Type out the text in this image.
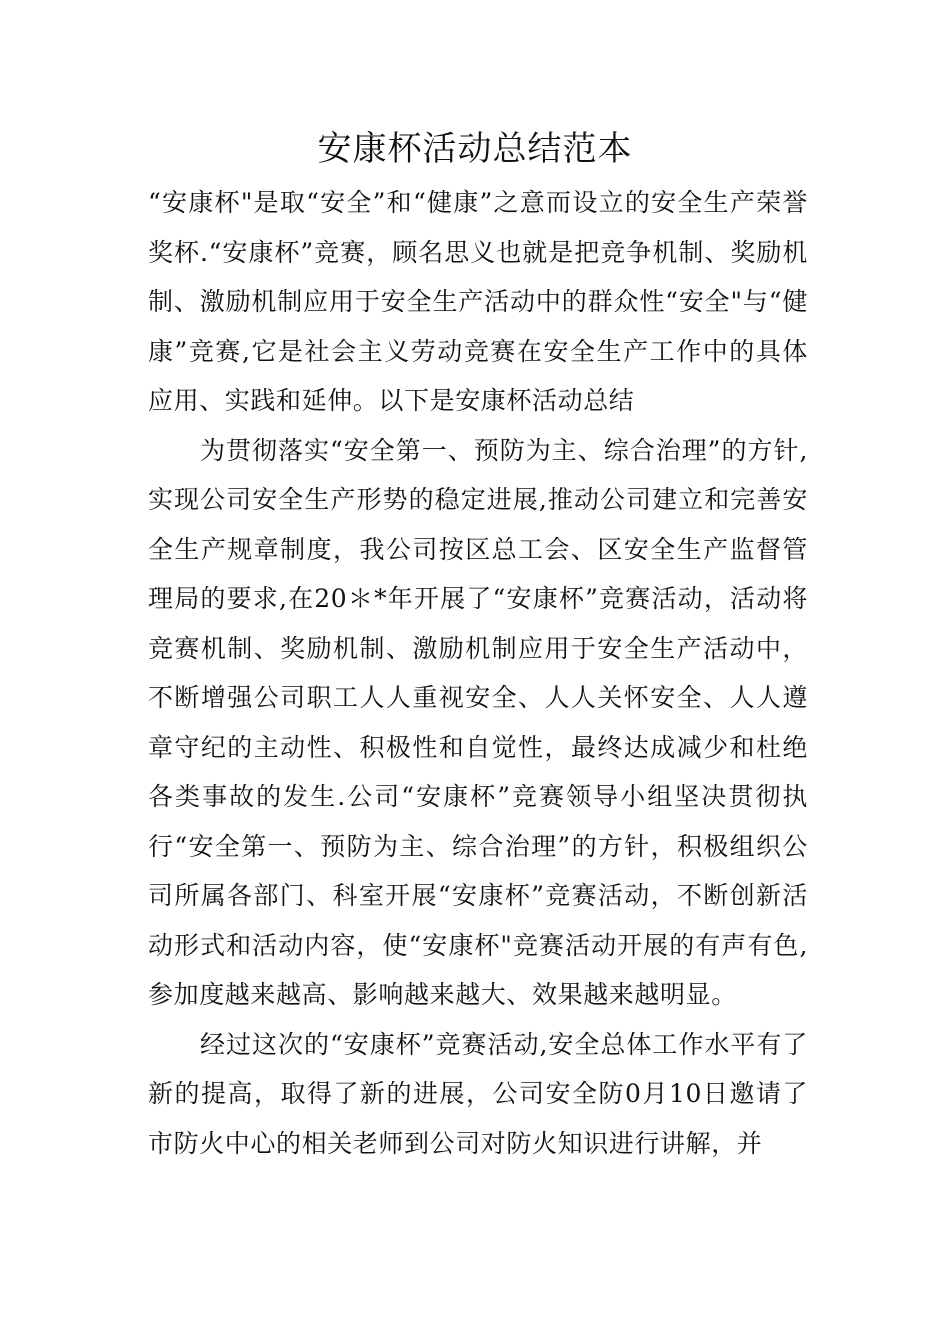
安康杯活动总结范本

“安康杯"是取“安全”和“健康”之意而设立的安全生产荣誉奖杯.“安康杯”竞赛，顾名思义也就是把竞争机制、奖励机制、激励机制应用于安全生产活动中的群众性“安全"与“健康”竞赛,它是社会主义劳动竞赛在安全生产工作中的具体应用、实践和延伸。以下是安康杯活动总结

为贯彻落实“安全第一、预防为主、综合治理”的方针,实现公司安全生产形势的稳定进展,推动公司建立和完善安全生产规章制度，我公司按区总工会、区安全生产监督管理局的要求,在20＊*年开展了“安康杯”竞赛活动，活动将竞赛机制、奖励机制、激励机制应用于安全生产活动中，不断增强公司职工人人重视安全、人人关怀安全、人人遵章守纪的主动性、积极性和自觉性，最终达成减少和杜绝各类事故的发生.公司“安康杯”竞赛领导小组坚决贯彻执行“安全第一、预防为主、综合治理”的方针，积极组织公司所属各部门、科室开展“安康杯”竞赛活动，不断创新活动形式和活动内容，使“安康杯"竞赛活动开展的有声有色,参加度越来越高、影响越来越大、效果越来越明显。

经过这次的“安康杯”竞赛活动,安全总体工作水平有了新的提高，取得了新的进展，公司安全防0月10日邀请了市防火中心的相关老师到公司对防火知识进行讲解，并
